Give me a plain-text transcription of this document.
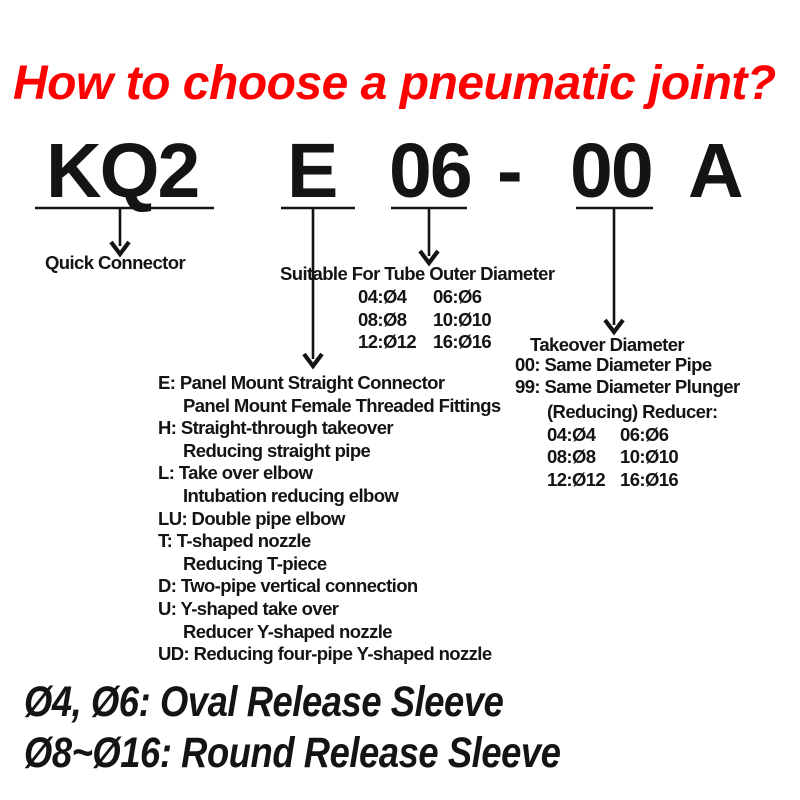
How to choose a pneumatic joint?
KQ2 E 06 - 00 A
Quick Connector
Suitable For Tube Outer Diameter
04:Ø4 06:Ø6
08:Ø8 10:Ø10
12:Ø12 16:Ø16
E: Panel Mount Straight Connector
Panel Mount Female Threaded Fittings
H: Straight-through takeover
Reducing straight pipe
L: Take over elbow
Intubation reducing elbow
LU: Double pipe elbow
T: T-shaped nozzle
Reducing T-piece
D: Two-pipe vertical connection
U: Y-shaped take over
Reducer Y-shaped nozzle
UD: Reducing four-pipe Y-shaped nozzle
Takeover Diameter
00: Same Diameter Pipe
99: Same Diameter Plunger
(Reducing) Reducer:
04:Ø4 06:Ø6
08:Ø8 10:Ø10
12:Ø12 16:Ø16
Ø4, Ø6: Oval Release Sleeve
Ø8~Ø16: Round Release Sleeve
